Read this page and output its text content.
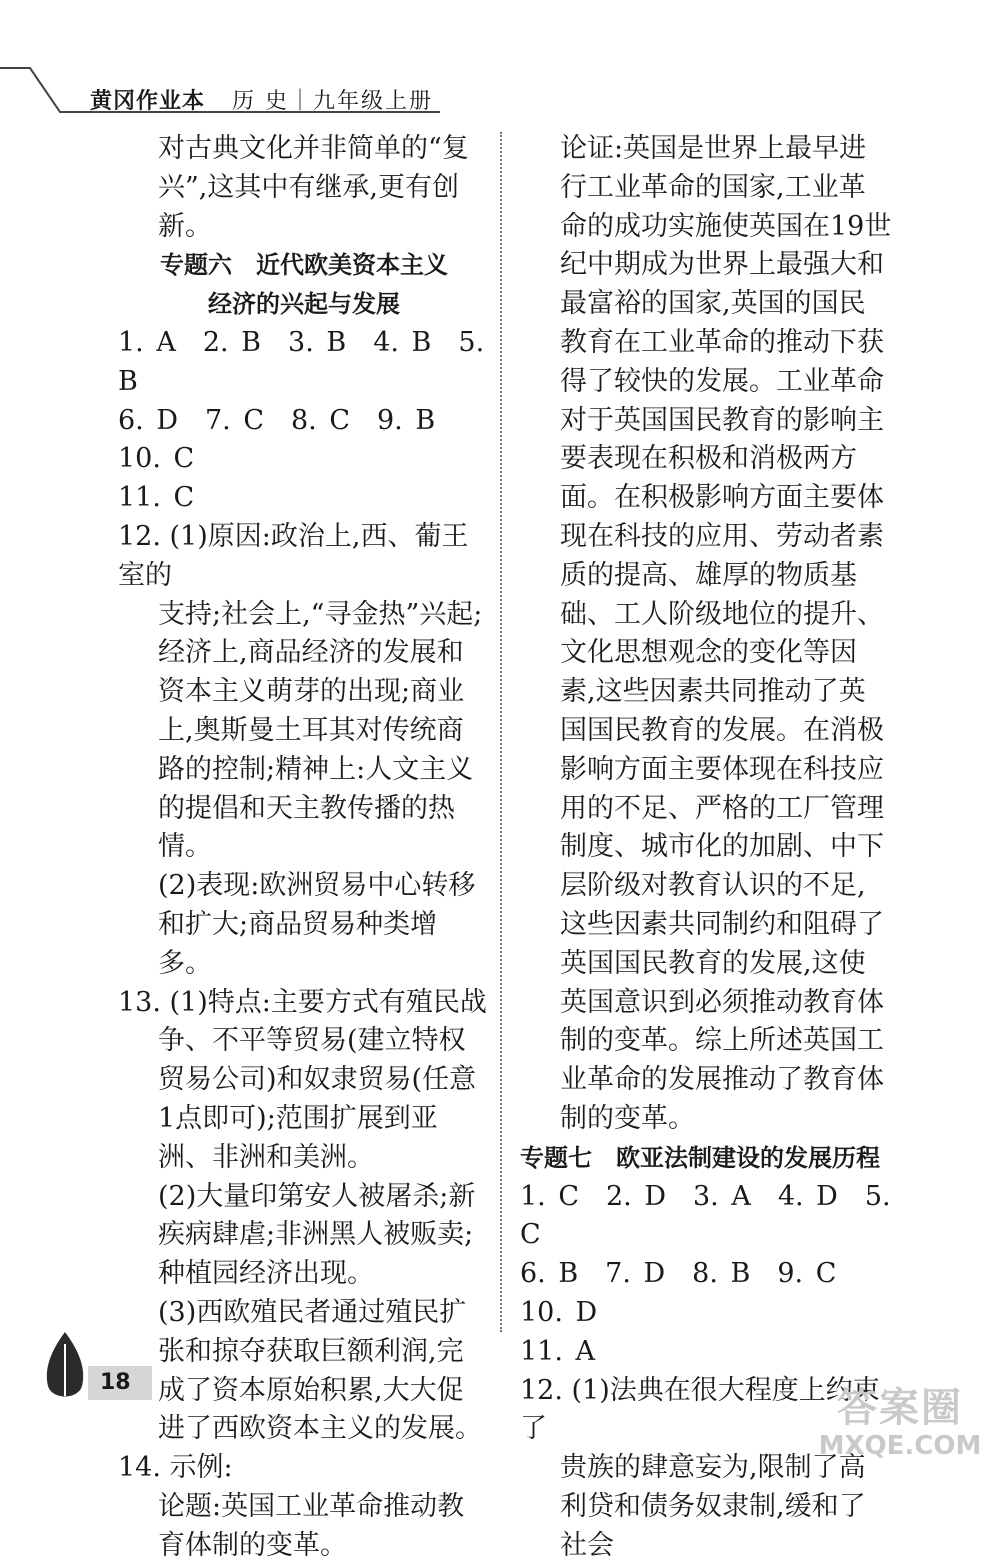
黄冈作业本 历 史｜九年级上册

对古典文化并非简单的“复兴”,这其中有继承,更有创新。

专题六　近代欧美资本主义

经济的兴起与发展

1. A　2. B　3. B　4. B　5. B

6. D　7. C　8. C　9. B　10. C

11. C

12. (1)原因:政治上,西、葡王室的

支持;社会上,“寻金热”兴起;经济上,商品经济的发展和资本主义萌芽的出现;商业上,奥斯曼土耳其对传统商路的控制;精神上:人文主义的提倡和天主教传播的热情。

(2)表现:欧洲贸易中心转移和扩大;商品贸易种类增多。

13. (1)特点:主要方式有殖民战

争、不平等贸易(建立特权贸易公司)和奴隶贸易(任意1点即可);范围扩展到亚洲、非洲和美洲。

(2)大量印第安人被屠杀;新疾病肆虐;非洲黑人被贩卖;种植园经济出现。

(3)西欧殖民者通过殖民扩张和掠夺获取巨额利润,完成了资本原始积累,大大促进了西欧资本主义的发展。

14. 示例:

论题:英国工业革命推动教育体制的变革。

论证:英国是世界上最早进行工业革命的国家,工业革命的成功实施使英国在19世纪中期成为世界上最强大和最富裕的国家,英国的国民教育在工业革命的推动下获得了较快的发展。工业革命对于英国国民教育的影响主要表现在积极和消极两方面。在积极影响方面主要体现在科技的应用、劳动者素质的提高、雄厚的物质基础、工人阶级地位的提升、文化思想观念的变化等因素,这些因素共同推动了英国国民教育的发展。在消极影响方面主要体现在科技应用的不足、严格的工厂管理制度、城市化的加剧、中下层阶级对教育认识的不足,这些因素共同制约和阻碍了英国国民教育的发展,这使英国意识到必须推动教育体制的变革。综上所述英国工业革命的发展推动了教育体制的变革。

专题七　欧亚法制建设的发展历程

1. C　2. D　3. A　4. D　5. C

6. B　7. D　8. B　9. C　10. D

11. A

12. (1)法典在很大程度上约束了

贵族的肆意妄为,限制了高利贷和债务奴隶制,缓和了社会

18
答案圈
MXQE.COM
